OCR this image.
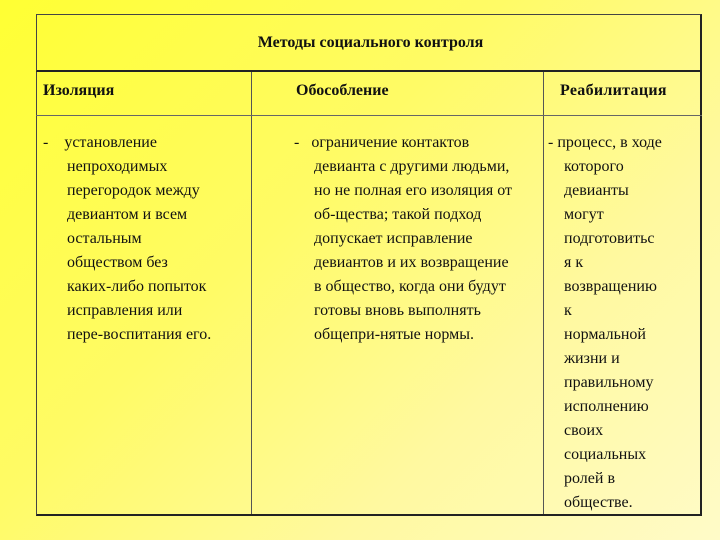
Методы социального контроля
Изоляция
-    установление
непроходимых
перегородок между
девиантом и всем
остальным
обществом без
каких-либо попыток
исправления или
пере-воспитания его.
Обособление
-   ограничение контактов
девианта с другими людьми,
но не полная его изоляция от
об-щества; такой подход
допускает исправление
девиантов и их возвращение
в общество, когда они будут
готовы вновь выполнять
общепри-нятые нормы.
Реабилитация
- процесс, в ходе
которого
девианты
могут
подготовитьс
я к
возвращению
к
нормальной
жизни и
правильному
исполнению
своих
социальных
ролей в
обществе.
